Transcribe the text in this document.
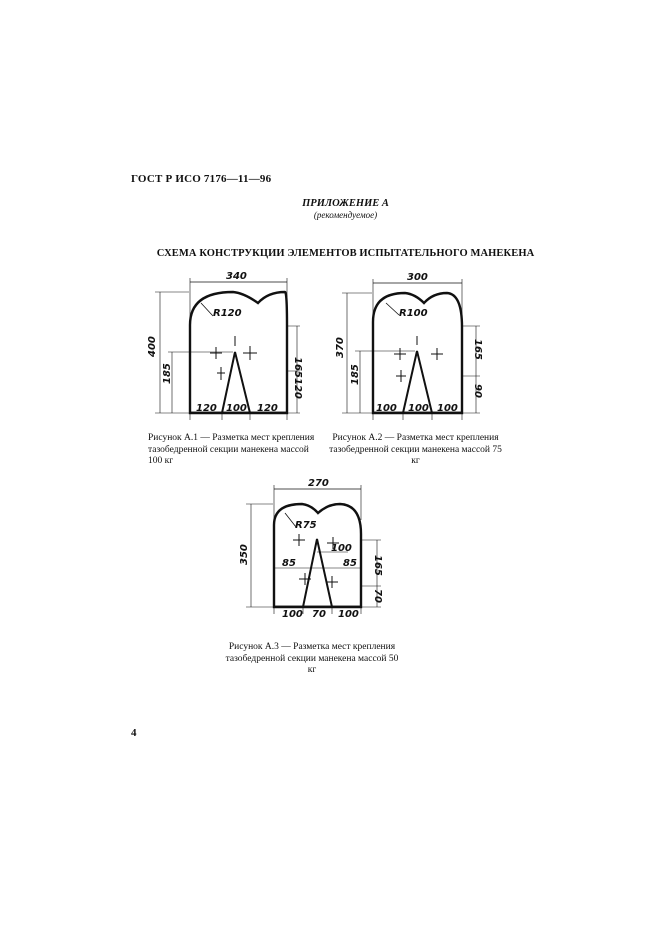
ГОСТ Р ИСО 7176—11—96
ПРИЛОЖЕНИЕ А
(рекомендуемое)
СХЕМА КОНСТРУКЦИИ ЭЛЕМЕНТОВ ИСПЫТАТЕЛЬНОГО МАНЕКЕНА
340
R120
400
185	165
120
120 100 120
300
R100
370
185
165
90
100 100 100
270
R75
350	100
85	85 165
70
100 70 100
Рисунок А.1 — Разметка мест крепления тазобедренной секции манекена массой 100 кг
Рисунок А.2 — Разметка мест крепления тазобедренной секции манекена массой 75 кг
Рисунок А.3 — Разметка мест крепления тазобедренной секции манекена массой 50 кг
4
